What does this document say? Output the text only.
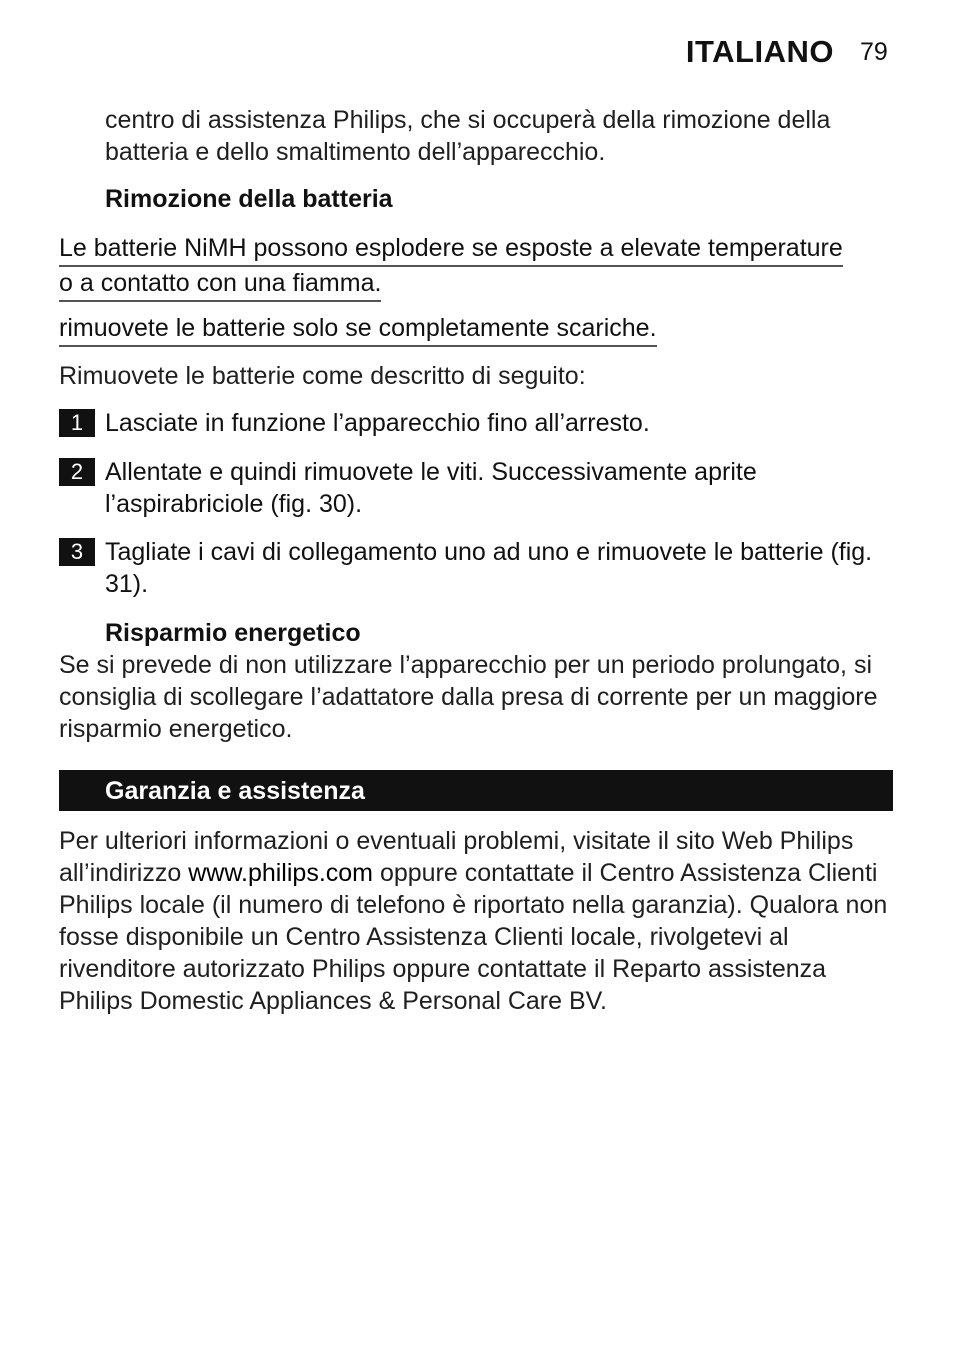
ITALIANO 79

centro di assistenza Philips, che si occuperà della rimozione della batteria e dello smaltimento dell’apparecchio.

Rimozione della batteria
Le batterie NiMH possono esplodere se esposte a elevate temperature
o a contatto con una fiamma.
rimuovete le batterie solo se completamente scariche.

Rimuovete le batterie come descritto di seguito:

1 Lasciate in funzione l’apparecchio fino all’arresto.

2 Allentate e quindi rimuovete le viti. Successivamente aprite l’aspirabriciole (fig. 30).

3 Tagliate i cavi di collegamento uno ad uno e rimuovete le batterie (fig. 31).

Risparmio energetico

Se si prevede di non utilizzare l’apparecchio per un periodo prolungato, si consiglia di scollegare l’adattatore dalla presa di corrente per un maggiore risparmio energetico.

Garanzia e assistenza

Per ulteriori informazioni o eventuali problemi, visitate il sito Web Philips all’indirizzo www.philips.com oppure contattate il Centro Assistenza Clienti Philips locale (il numero di telefono è riportato nella garanzia). Qualora non fosse disponibile un Centro Assistenza Clienti locale, rivolgetevi al rivenditore autorizzato Philips oppure contattate il Reparto assistenza Philips Domestic Appliances & Personal Care BV.
